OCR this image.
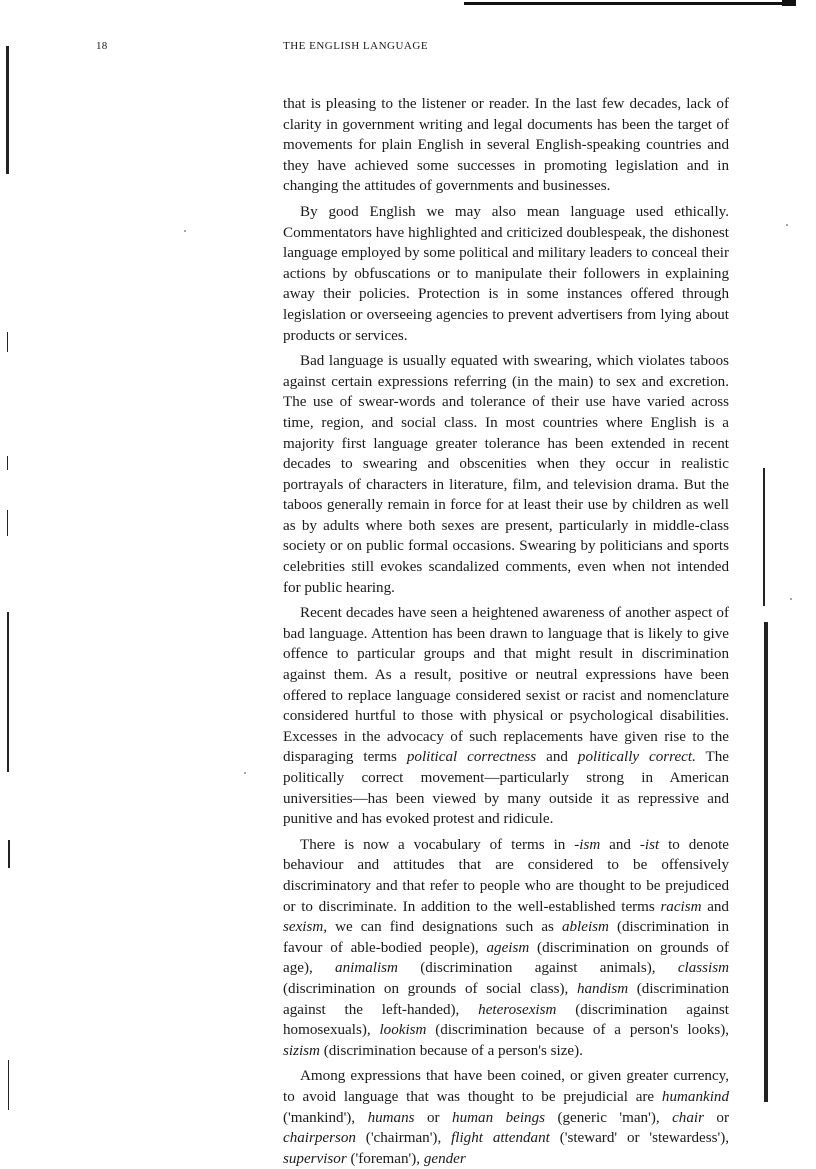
18	THE ENGLISH LANGUAGE

that is pleasing to the listener or reader. In the last few decades, lack of clarity in government writing and legal documents has been the target of movements for plain English in several English-speaking countries and they have achieved some successes in promoting legislation and in changing the attitudes of governments and businesses.

By good English we may also mean language used ethically. Commentators have highlighted and criticized doublespeak, the dishonest language employed by some political and military leaders to conceal their actions by obfuscations or to manipulate their followers in explaining away their policies. Protection is in some instances offered through legislation or overseeing agencies to prevent advertisers from lying about products or services.

Bad language is usually equated with swearing, which violates taboos against certain expressions referring (in the main) to sex and excretion. The use of swear-words and tolerance of their use have varied across time, region, and social class. In most countries where English is a majority first language greater tolerance has been extended in recent decades to swearing and obscenities when they occur in realistic portrayals of characters in literature, film, and television drama. But the taboos generally remain in force for at least their use by children as well as by adults where both sexes are present, particularly in middle-class society or on public formal occasions. Swearing by politicians and sports celebrities still evokes scandalized comments, even when not intended for public hearing.

Recent decades have seen a heightened awareness of another aspect of bad language. Attention has been drawn to language that is likely to give offence to particular groups and that might result in discrimination against them. As a result, positive or neutral expressions have been offered to replace language considered sexist or racist and nomenclature considered hurtful to those with physical or psychological disabilities. Excesses in the advocacy of such replacements have given rise to the disparaging terms political correctness and politically correct. The politically correct movement—particularly strong in American universities—has been viewed by many outside it as repressive and punitive and has evoked protest and ridicule.

There is now a vocabulary of terms in -ism and -ist to denote behaviour and attitudes that are considered to be offensively discriminatory and that refer to people who are thought to be prejudiced or to discriminate. In addition to the well-established terms racism and sexism, we can find designations such as ableism (discrimination in favour of able-bodied people), ageism (discrimination on grounds of age), animalism (discrimination against animals), classism (discrimination on grounds of social class), handism (discrimination against the left-handed), heterosexism (discrimination against homosexuals), lookism (discrimination because of a person's looks), sizism (discrimination because of a person's size).

Among expressions that have been coined, or given greater currency, to avoid language that was thought to be prejudicial are humankind ('mankind'), humans or human beings (generic 'man'), chair or chairperson ('chairman'), flight attendant ('steward' or 'stewardess'), supervisor ('foreman'), gender
